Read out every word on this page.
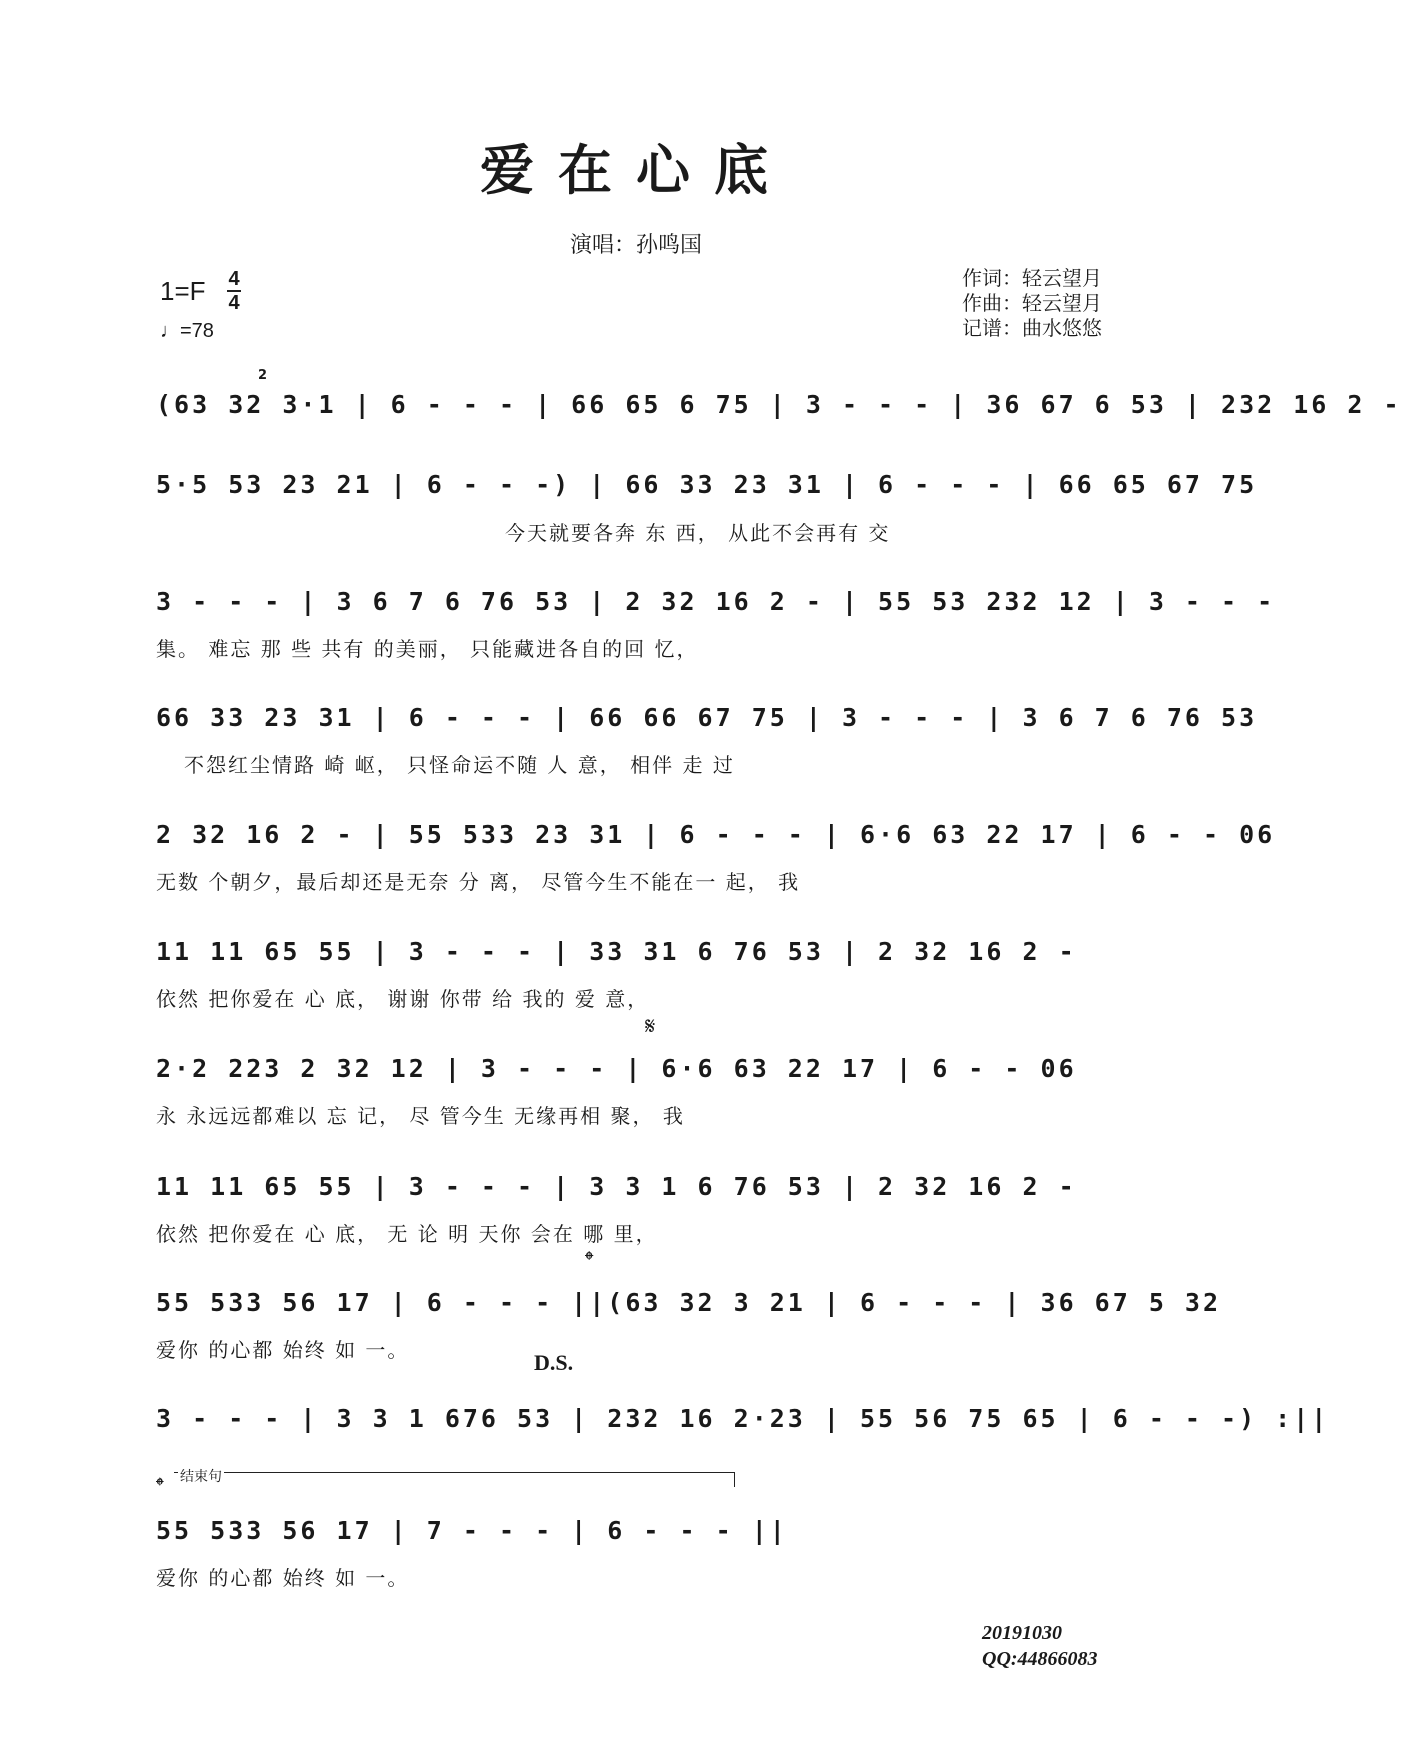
爱在心底
演唱：孙鸣国
1=F 4
4
♩=78
作词：轻云望月
作曲：轻云望月
记谱：曲水悠悠
2
(63 32 3·1 | 6 - - - | 66 65 6 75 | 3 - - - | 36 67 6 53 | 232 16 2 -
5·5 53 23 21 | 6 - - -) | 66 33 23 31 | 6 - - - | 66 65 67 75
今天就要各奔 东 西， 从此不会再有 交
3 - - - | 3 6 7 6 76 53 | 2 32 16 2 - | 55 53 232 12 | 3 - - -
集。 难忘 那 些 共有 的美丽， 只能藏进各自的回 忆，
66 33 23 31 | 6 - - - | 66 66 67 75 | 3 - - - | 3 6 7 6 76 53
不怨红尘情路 崎 岖， 只怪命运不随 人 意， 相伴 走 过
2 32 16 2 - | 55 533 23 31 | 6 - - - | 6·6 63 22 17 | 6 - - 06
无数 个朝夕，最后却还是无奈 分 离， 尽管今生不能在一 起， 我
11 11 65 55 | 3 - - - | 33 31 6 76 53 | 2 32 16 2 -
依然 把你爱在 心 底， 谢谢 你带 给 我的 爱 意，
𝄋
2·2 223 2 32 12 | 3 - - - | 6·6 63 22 17 | 6 - - 06
永 永远远都难以 忘 记， 尽 管今生 无缘再相 聚， 我
11 11 65 55 | 3 - - - | 3 3 1 6 76 53 | 2 32 16 2 -
依然 把你爱在 心 底， 无 论 明 天你 会在 哪 里，
𝄌
55 533 56 17 | 6 - - - ||(63 32 3 21 | 6 - - - | 36 67 5 32
爱你 的心都 始终 如 一。	D.S.
3 - - - | 3 3 1 676 53 | 232 16 2·23 | 55 56 75 65 | 6 - - -) :||
𝄌 结束句
55 533 56 17 | 7 - - - | 6 - - - ||
爱你 的心都 始终 如 一。
20191030
QQ:44866083
